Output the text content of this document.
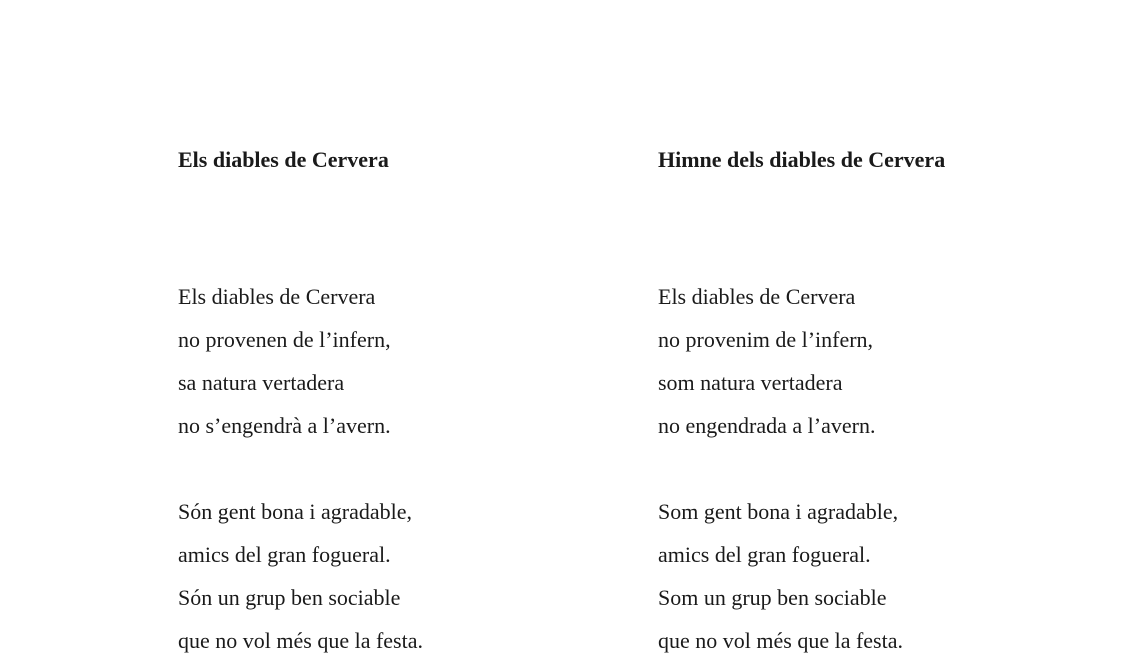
Els diables de Cervera
Els diables de Cervera
no provenen de l’infern,
sa natura vertadera
no s’engendrà a l’avern.
Són gent bona i agradable,
amics del gran fogueral.
Són un grup ben sociable
que no vol més que la festa.
Himne dels diables de Cervera
Els diables de Cervera
no provenim de l’infern,
som natura vertadera
no engendrada a l’avern.
Som gent bona i agradable,
amics del gran fogueral.
Som un grup ben sociable
que no vol més que la festa.
